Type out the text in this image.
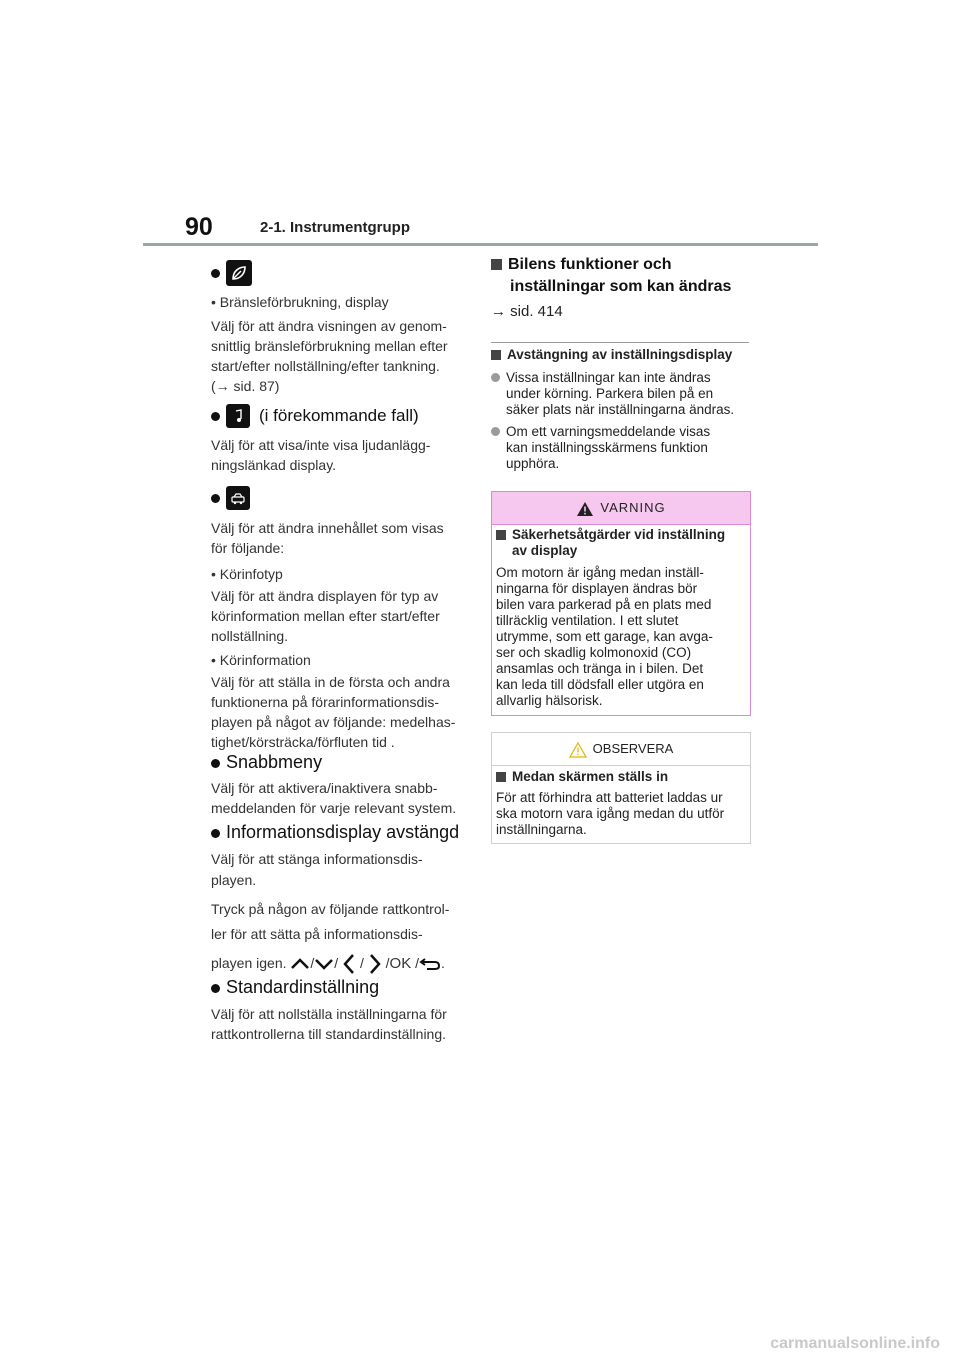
90	2-1. Instrumentgrupp
• Bränsleförbrukning, display
Välj för att ändra visningen av genom-
snittlig bränsleförbrukning mellan efter
start/efter nollställning/efter tankning.
(→ sid. 87)
(i förekommande fall)
Välj för att visa/inte visa ljudanlägg-
ningslänkad display.
Välj för att ändra innehållet som visas
för följande:
• Körinfotyp
Välj för att ändra displayen för typ av
körinformation mellan efter start/efter
nollställning.
• Körinformation
Välj för att ställa in de första och andra
funktionerna på förarinformationsdis-
playen på något av följande: medelhas-
tighet/körsträcka/förfluten tid .
Snabbmeny
Välj för att aktivera/inaktivera snabb-
meddelanden för varje relevant system.
Informationsdisplay avstängd
Välj för att stänga informationsdis-
playen.
Tryck på någon av följande rattkontrol-
ler för att sätta på informationsdis-
playen igen. / / / /OK / .
Standardinställning
Välj för att nollställa inställningarna för
rattkontrollerna till standardinställning.
Bilens funktioner och
inställningar som kan ändras
→ sid. 414
Avstängning av inställningsdisplay
Vissa inställningar kan inte ändras
under körning. Parkera bilen på en
säker plats när inställningarna ändras.
Om ett varningsmeddelande visas
kan inställningsskärmens funktion
upphöra.
VARNING
Säkerhetsåtgärder vid inställning
av display
Om motorn är igång medan inställ-
ningarna för displayen ändras bör
bilen vara parkerad på en plats med
tillräcklig ventilation. I ett slutet
utrymme, som ett garage, kan avga-
ser och skadlig kolmonoxid (CO)
ansamlas och tränga in i bilen. Det
kan leda till dödsfall eller utgöra en
allvarlig hälsorisk.
OBSERVERA
Medan skärmen ställs in
För att förhindra att batteriet laddas ur
ska motorn vara igång medan du utför
inställningarna.
carmanualsonline.info
